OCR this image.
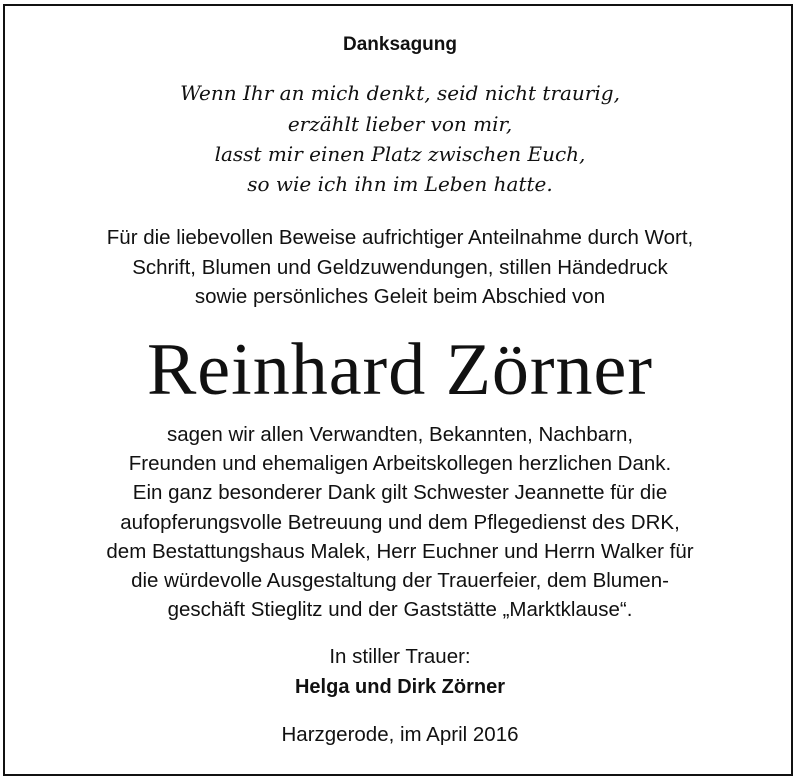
Danksagung
Wenn Ihr an mich denkt, seid nicht traurig,
erzählt lieber von mir,
lasst mir einen Platz zwischen Euch,
so wie ich ihn im Leben hatte.
Für die liebevollen Beweise aufrichtiger Anteilnahme durch Wort,
Schrift, Blumen und Geldzuwendungen, stillen Händedruck
sowie persönliches Geleit beim Abschied von
Reinhard Zörner
sagen wir allen Verwandten, Bekannten, Nachbarn,
Freunden und ehemaligen Arbeitskollegen herzlichen Dank.
Ein ganz besonderer Dank gilt Schwester Jeannette für die
aufopferungsvolle Betreuung und dem Pflegedienst des DRK,
dem Bestattungshaus Malek, Herr Euchner und Herrn Walker für
die würdevolle Ausgestaltung der Trauerfeier, dem Blumen-
geschäft Stieglitz und der Gaststätte „Marktklause“.
In stiller Trauer:
Helga und Dirk Zörner
Harzgerode, im April 2016
